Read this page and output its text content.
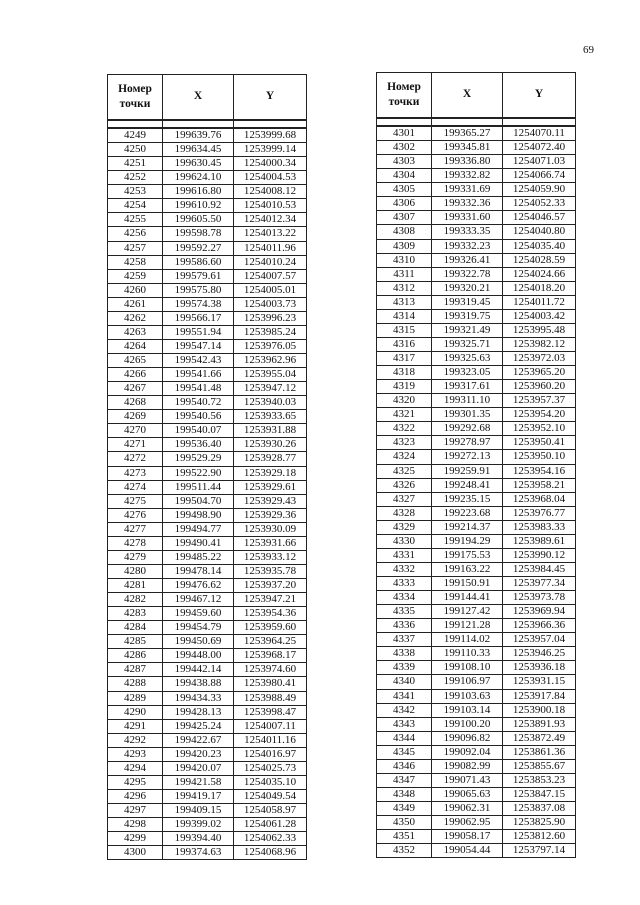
69
Номер
точки	X	Y

4249	199639.76	1253999.68
4250	199634.45	1253999.14
4251	199630.45	1254000.34
4252	199624.10	1254004.53
4253	199616.80	1254008.12
4254	199610.92	1254010.53
4255	199605.50	1254012.34
4256	199598.78	1254013.22
4257	199592.27	1254011.96
4258	199586.60	1254010.24
4259	199579.61	1254007.57
4260	199575.80	1254005.01
4261	199574.38	1254003.73
4262	199566.17	1253996.23
4263	199551.94	1253985.24
4264	199547.14	1253976.05
4265	199542.43	1253962.96
4266	199541.66	1253955.04
4267	199541.48	1253947.12
4268	199540.72	1253940.03
4269	199540.56	1253933.65
4270	199540.07	1253931.88
4271	199536.40	1253930.26
4272	199529.29	1253928.77
4273	199522.90	1253929.18
4274	199511.44	1253929.61
4275	199504.70	1253929.43
4276	199498.90	1253929.36
4277	199494.77	1253930.09
4278	199490.41	1253931.66
4279	199485.22	1253933.12
4280	199478.14	1253935.78
4281	199476.62	1253937.20
4282	199467.12	1253947.21
4283	199459.60	1253954.36
4284	199454.79	1253959.60
4285	199450.69	1253964.25
4286	199448.00	1253968.17
4287	199442.14	1253974.60
4288	199438.88	1253980.41
4289	199434.33	1253988.49
4290	199428.13	1253998.47
4291	199425.24	1254007.11
4292	199422.67	1254011.16
4293	199420.23	1254016.97
4294	199420.07	1254025.73
4295	199421.58	1254035.10
4296	199419.17	1254049.54
4297	199409.15	1254058.97
4298	199399.02	1254061.28
4299	199394.40	1254062.33
4300	199374.63	1254068.96
Номер
точки	X	Y

4301	199365.27	1254070.11
4302	199345.81	1254072.40
4303	199336.80	1254071.03
4304	199332.82	1254066.74
4305	199331.69	1254059.90
4306	199332.36	1254052.33
4307	199331.60	1254046.57
4308	199333.35	1254040.80
4309	199332.23	1254035.40
4310	199326.41	1254028.59
4311	199322.78	1254024.66
4312	199320.21	1254018.20
4313	199319.45	1254011.72
4314	199319.75	1254003.42
4315	199321.49	1253995.48
4316	199325.71	1253982.12
4317	199325.63	1253972.03
4318	199323.05	1253965.20
4319	199317.61	1253960.20
4320	199311.10	1253957.37
4321	199301.35	1253954.20
4322	199292.68	1253952.10
4323	199278.97	1253950.41
4324	199272.13	1253950.10
4325	199259.91	1253954.16
4326	199248.41	1253958.21
4327	199235.15	1253968.04
4328	199223.68	1253976.77
4329	199214.37	1253983.33
4330	199194.29	1253989.61
4331	199175.53	1253990.12
4332	199163.22	1253984.45
4333	199150.91	1253977.34
4334	199144.41	1253973.78
4335	199127.42	1253969.94
4336	199121.28	1253966.36
4337	199114.02	1253957.04
4338	199110.33	1253946.25
4339	199108.10	1253936.18
4340	199106.97	1253931.15
4341	199103.63	1253917.84
4342	199103.14	1253900.18
4343	199100.20	1253891.93
4344	199096.82	1253872.49
4345	199092.04	1253861.36
4346	199082.99	1253855.67
4347	199071.43	1253853.23
4348	199065.63	1253847.15
4349	199062.31	1253837.08
4350	199062.95	1253825.90
4351	199058.17	1253812.60
4352	199054.44	1253797.14
